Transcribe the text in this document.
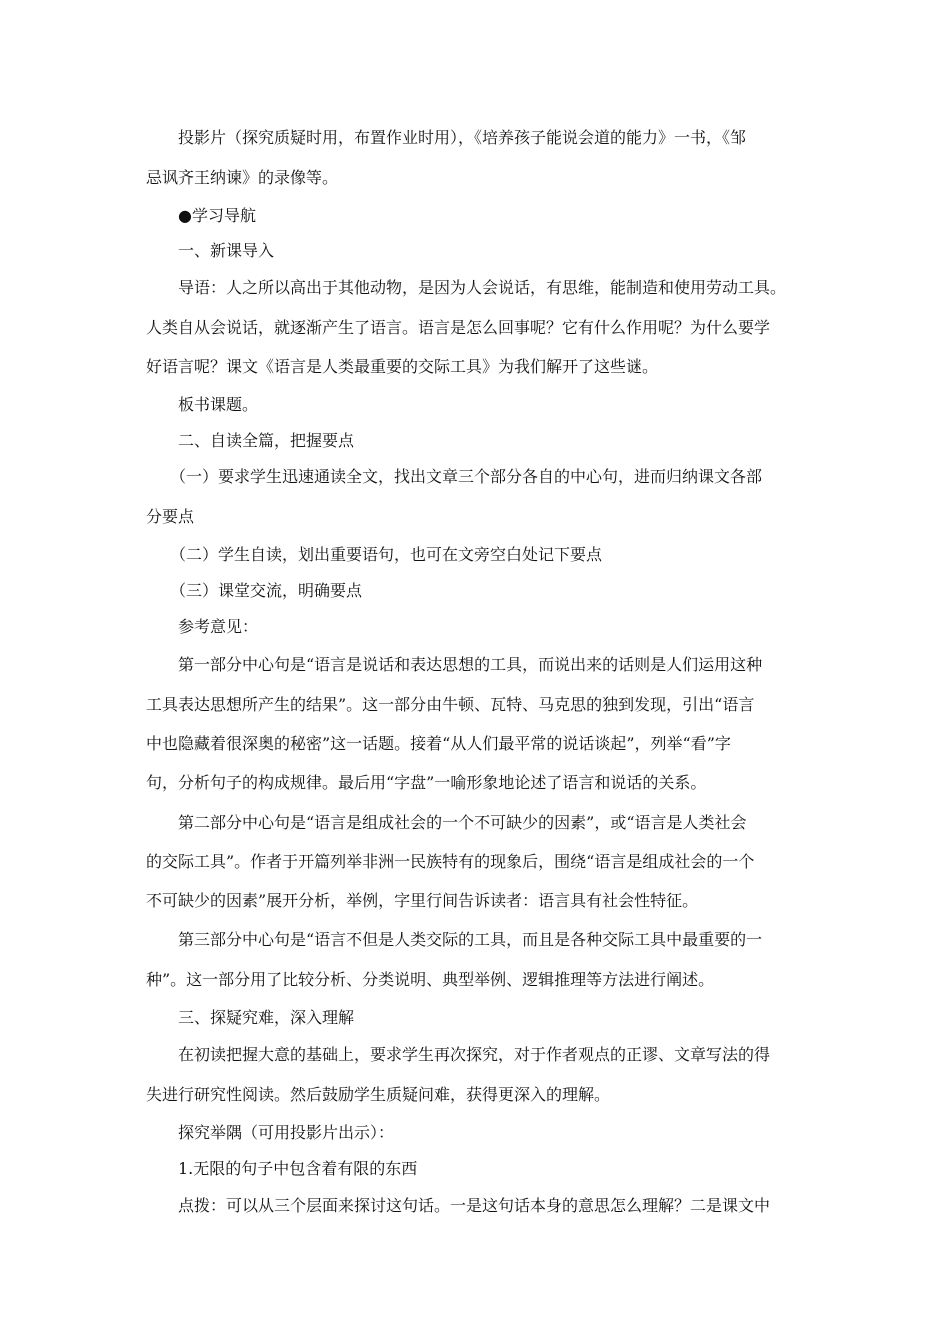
投影片（探究质疑时用，布置作业时用），《培养孩子能说会道的能力》一书，《邹
忌讽齐王纳谏》的录像等。
●学习导航
一、新课导入
导语：人之所以高出于其他动物，是因为人会说话，有思维，能制造和使用劳动工具。
人类自从会说话，就逐渐产生了语言。语言是怎么回事呢？它有什么作用呢？为什么要学
好语言呢？课文《语言是人类最重要的交际工具》为我们解开了这些谜。
板书课题。
二、自读全篇，把握要点
（一）要求学生迅速通读全文，找出文章三个部分各自的中心句，进而归纳课文各部
分要点
（二）学生自读，划出重要语句，也可在文旁空白处记下要点
（三）课堂交流，明确要点
参考意见：
第一部分中心句是“语言是说话和表达思想的工具，而说出来的话则是人们运用这种
工具表达思想所产生的结果”。这一部分由牛顿、瓦特、马克思的独到发现，引出“语言
中也隐藏着很深奥的秘密”这一话题。接着“从人们最平常的说话谈起”，列举“看”字
句，分析句子的构成规律。最后用“字盘”一喻形象地论述了语言和说话的关系。
第二部分中心句是“语言是组成社会的一个不可缺少的因素”，或“语言是人类社会
的交际工具”。作者于开篇列举非洲一民族特有的现象后，围绕“语言是组成社会的一个
不可缺少的因素”展开分析，举例，字里行间告诉读者：语言具有社会性特征。
第三部分中心句是“语言不但是人类交际的工具，而且是各种交际工具中最重要的一
种”。这一部分用了比较分析、分类说明、典型举例、逻辑推理等方法进行阐述。
三、探疑究难，深入理解
在初读把握大意的基础上，要求学生再次探究，对于作者观点的正谬、文章写法的得
失进行研究性阅读。然后鼓励学生质疑问难，获得更深入的理解。
探究举隅（可用投影片出示）：
1.无限的句子中包含着有限的东西
点拨：可以从三个层面来探讨这句话。一是这句话本身的意思怎么理解？二是课文中
